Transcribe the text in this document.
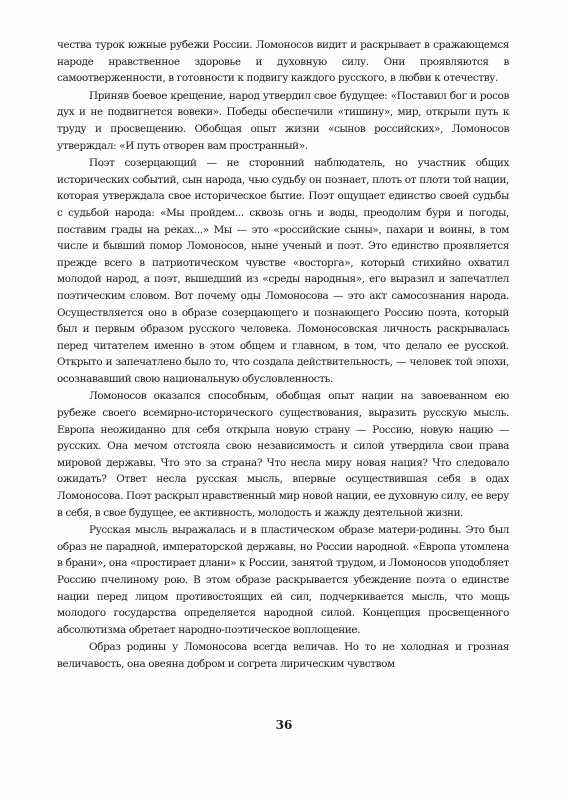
чества турок южные рубежи России. Ломоносов видит и раскрывает в сражающемся народе нравственное здоровье и духовную силу. Они проявляются в самоотверженности, в готовности к подвигу каждого русского, в любви к отечеству.

Приняв боевое крещение, народ утвердил свое будущее: «Поставил бог и росов дух и не подвигнется вовеки». Победы обеспечили «тишину», мир, открыли путь к труду и просвещению. Обобщая опыт жизни «сынов российских», Ломоносов утверждал: «И путь отворен вам пространный».

Поэт созерцающий — не сторонний наблюдатель, но участник общих исторических событий, сын народа, чью судьбу он познает, плоть от плоти той нации, которая утверждала свое историческое бытие. Поэт ощущает единство своей судьбы с судьбой народа: «Мы пройдем... сквозь огнь и воды, преодолим бури и погоды, поставим грады на реках...» Мы — это «российские сыны», пахари и воины, в том числе и бывший помор Ломоносов, ныне ученый и поэт. Это единство проявляется прежде всего в патриотическом чувстве «восторга», который стихийно охватил молодой народ, а поэт, вышедший из «среды народныя», его выразил и запечатлел поэтическим словом. Вот почему оды Ломоносова — это акт самосознания народа. Осуществляется оно в образе созерцающего и познающего Россию поэта, который был и первым образом русского человека. Ломоносовская личность раскрывалась перед читателем именно в этом общем и главном, в том, что делало ее русской. Открыто и запечатлено было то, что создала действительность, — человек той эпохи, осознававший свою национальную обусловленность.

Ломоносов оказался способным, обобщая опыт нации на завоеванном ею рубеже своего всемирно-исторического существования, выразить русскую мысль. Европа неожиданно для себя открыла новую страну — Россию, новую нацию — русских. Она мечом отстояла свою независимость и силой утвердила свои права мировой державы. Что это за страна? Что несла миру новая нация? Что следовало ожидать? Ответ несла русская мысль, впервые осуществившая себя в одах Ломоносова. Поэт раскрыл нравственный мир новой нации, ее духовную силу, ее веру в себя, в свое будущее, ее активность, молодость и жажду деятельной жизни.

Русская мысль выражалась и в пластическом образе матери-родины. Это был образ не парадной, императорской державы, но России народной. «Европа утомлена в брани», она «простирает длани» к России, занятой трудом, и Ломоносов уподобляет Россию пчелиному рою. В этом образе раскрывается убеждение поэта о единстве нации перед лицом противостоящих ей сил, подчеркивается мысль, что мощь молодого государства определяется народной силой. Концепция просвещенного абсолютизма обретает народно-поэтическое воплощение.

Образ родины у Ломоносова всегда величав. Но то не холодная и грозная величавость, она овеяна добром и согрета лирическим чувством

36
